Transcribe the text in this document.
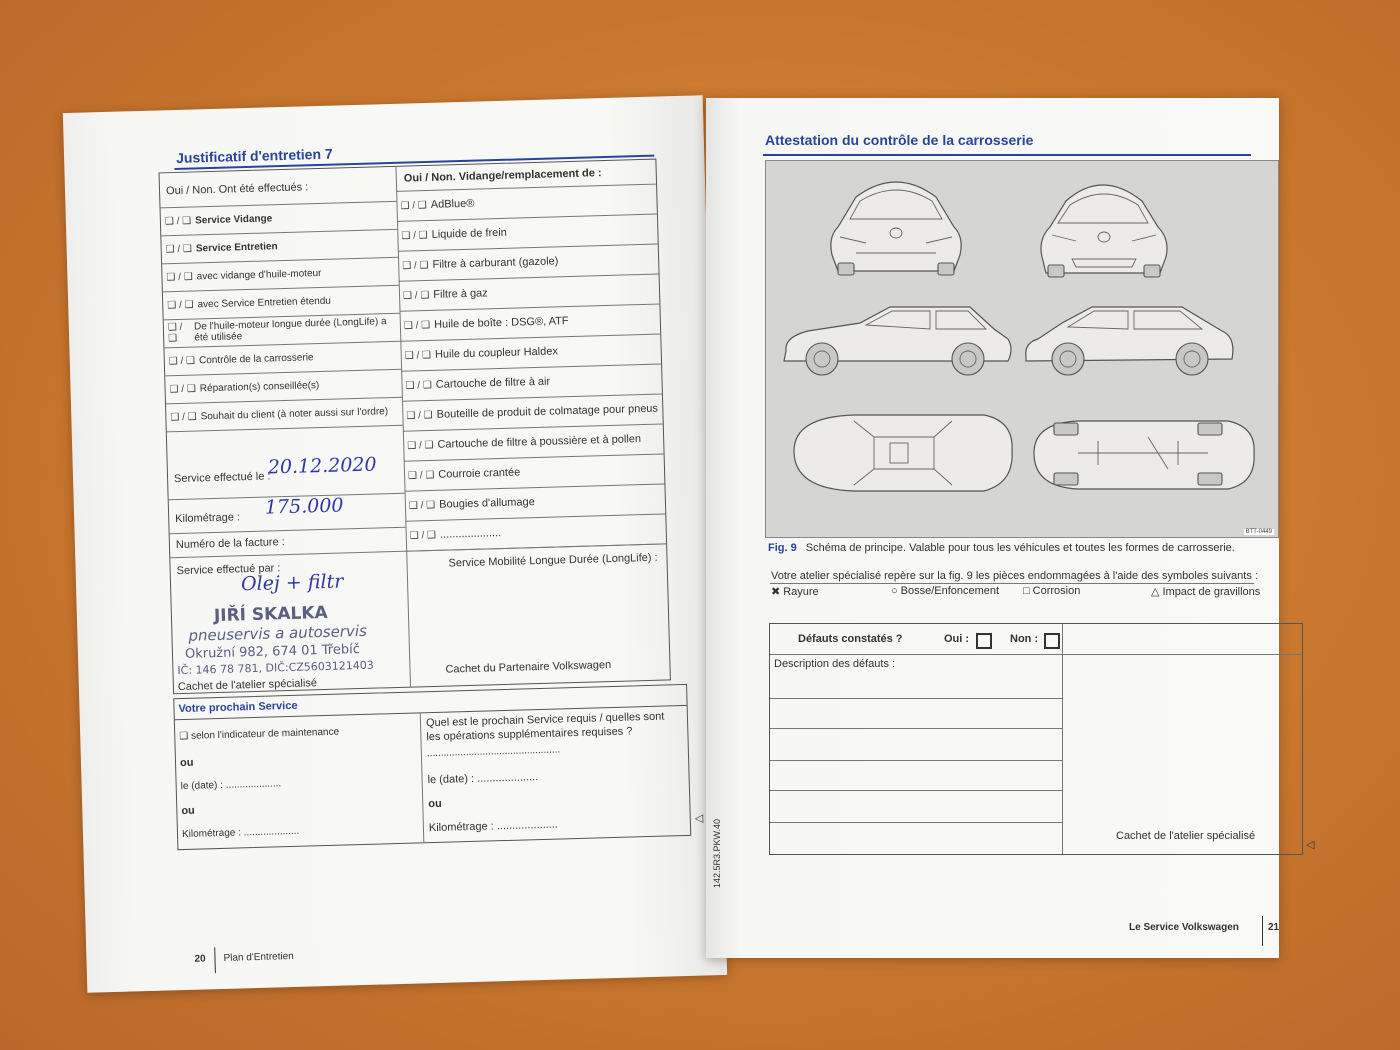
Justificatif d'entretien 7
Oui / Non. Ont été effectués :
❑ / ❑ Service Vidange
❑ / ❑ Service Entretien
❑ / ❑ avec vidange d'huile-moteur
❑ / ❑ avec Service Entretien étendu
❑ / ❑
De l'huile-moteur longue durée (LongLife) a été utilisée
❑ / ❑ Contrôle de la carrosserie
❑ / ❑ Réparation(s) conseillée(s)
❑ / ❑ Souhait du client (à noter aussi sur l'ordre)
Oui / Non. Vidange/remplacement de :
❑ / ❑ AdBlue®
❑ / ❑ Liquide de frein
❑ / ❑ Filtre à carburant (gazole)
❑ / ❑ Filtre à gaz
❑ / ❑ Huile de boîte : DSG®, ATF
❑ / ❑ Huile du coupleur Haldex
❑ / ❑ Cartouche de filtre à air
❑ / ❑ Bouteille de produit de colmatage pour pneus
❑ / ❑ Cartouche de filtre à poussière et à pollen
❑ / ❑ Courroie crantée
❑ / ❑ Bougies d'allumage
❑ / ❑ ....................
Service effectué le :
20.12.2020
Kilométrage : 175.000
Numéro de la facture :
Service effectué par :
Olej + filtr
JIŘÍ SKALKA
pneuservis a autoservis
Okružní 982, 674 01 Třebíč
IČ: 146 78 781, DIČ:CZ5603121403
Cachet de l'atelier spécialisé
Service Mobilité Longue Durée (LongLife) :
Cachet du Partenaire Volkswagen
Votre prochain Service
❑ selon l'indicateur de maintenance
ou
le (date) : ....................
ou
Kilométrage : ....................
Quel est le prochain Service requis / quelles sont les opérations supplémentaires requises ?
................................................
le (date) : ....................
ou
Kilométrage : ....................	◁
20 Plan d'Entretien
Attestation du contrôle de la carrosserie
BTT-0449
Fig. 9 Schéma de principe. Valable pour tous les véhicules et toutes les formes de carrosserie.
Votre atelier spécialisé repère sur la fig. 9 les pièces endommagées à l'aide des symboles suivants :
✖ Rayure	○ Bosse/Enfoncement □ Corrosion	△ Impact de gravillons
Défauts constatés ?	Oui :	Non :
Description des défauts :
Cachet de l'atelier spécialisé
◁
142.5R3.PKW.40
Le Service Volkswagen	21
